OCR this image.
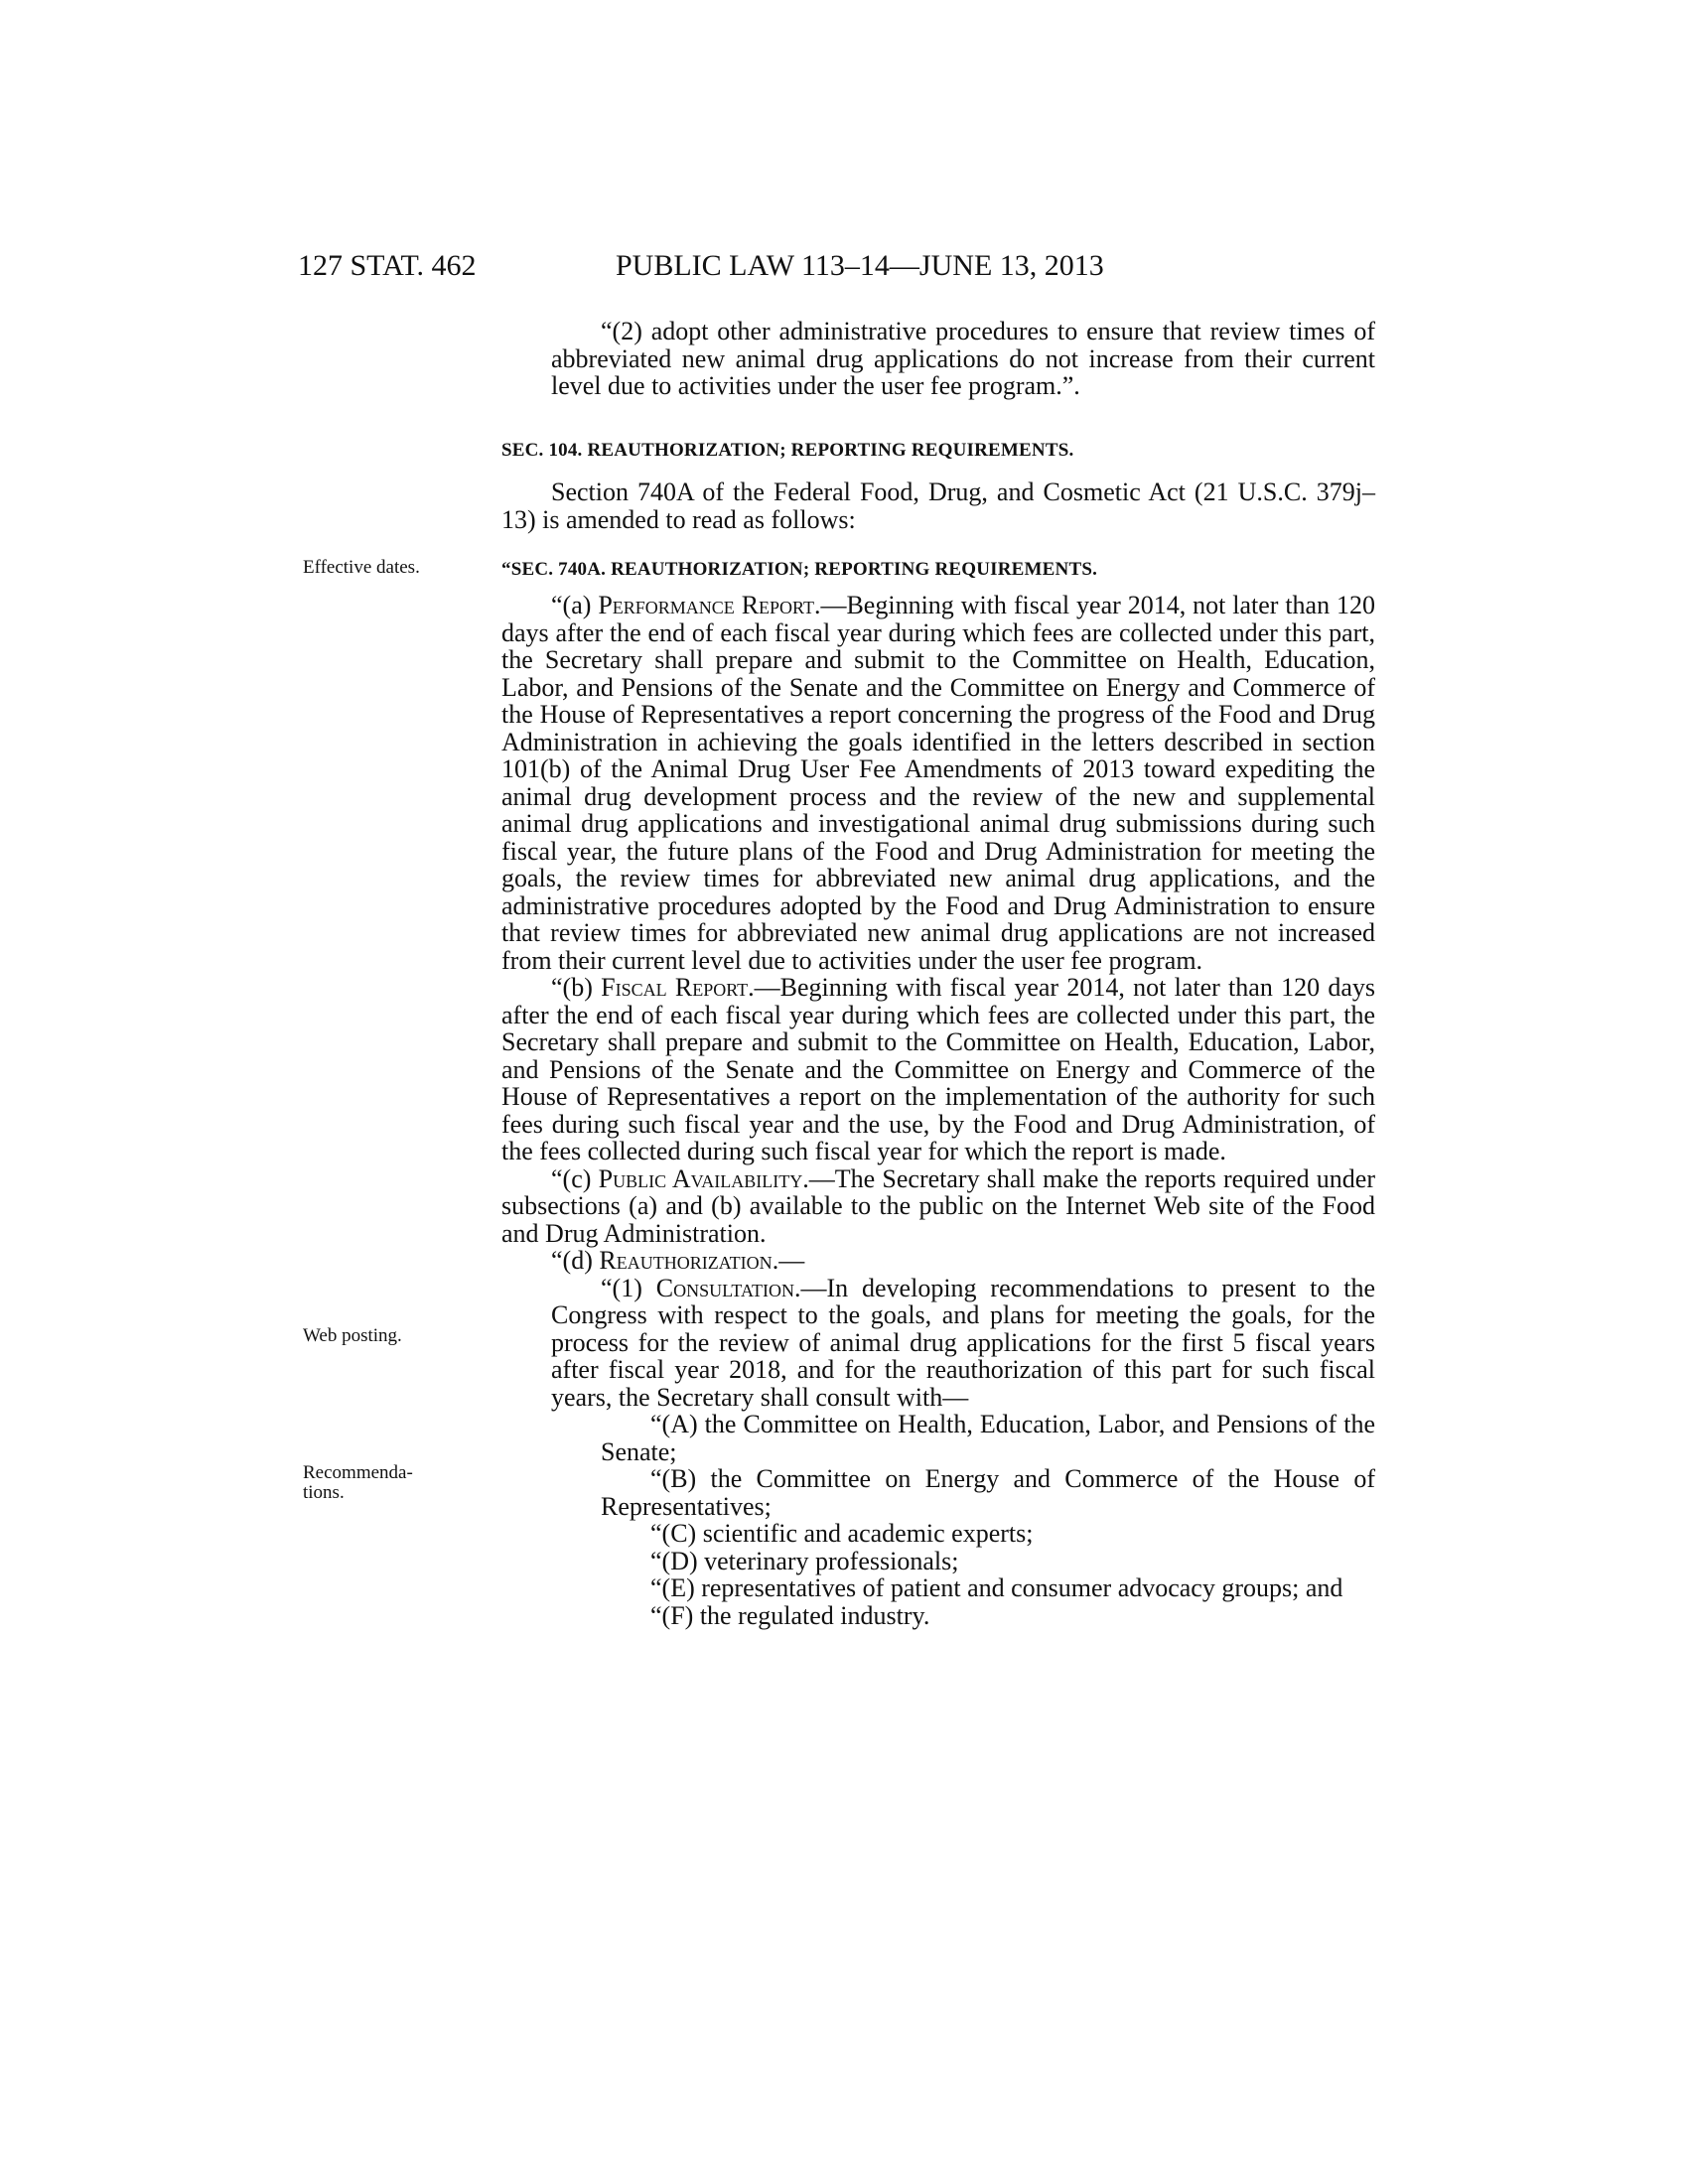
127 STAT. 462	PUBLIC LAW 113–14—JUNE 13, 2013
Effective dates.
Web posting.
Recommenda-
tions.

“(2) adopt other administrative procedures to ensure that review times of abbreviated new animal drug applications do not increase from their current level due to activities under the user fee program.”.

SEC. 104. REAUTHORIZATION; REPORTING REQUIREMENTS.

Section 740A of the Federal Food, Drug, and Cosmetic Act (21 U.S.C. 379j–13) is amended to read as follows:

“SEC. 740A. REAUTHORIZATION; REPORTING REQUIREMENTS.

“(a) Performance Report.—Beginning with fiscal year 2014, not later than 120 days after the end of each fiscal year during which fees are collected under this part, the Secretary shall prepare and submit to the Committee on Health, Education, Labor, and Pensions of the Senate and the Committee on Energy and Commerce of the House of Representatives a report concerning the progress of the Food and Drug Administration in achieving the goals identified in the letters described in section 101(b) of the Animal Drug User Fee Amendments of 2013 toward expediting the animal drug development process and the review of the new and supplemental animal drug applications and investigational animal drug submissions during such fiscal year, the future plans of the Food and Drug Administration for meeting the goals, the review times for abbreviated new animal drug applications, and the administrative procedures adopted by the Food and Drug Administration to ensure that review times for abbreviated new animal drug applications are not increased from their current level due to activities under the user fee program.

“(b) Fiscal Report.—Beginning with fiscal year 2014, not later than 120 days after the end of each fiscal year during which fees are collected under this part, the Secretary shall prepare and submit to the Committee on Health, Education, Labor, and Pensions of the Senate and the Committee on Energy and Commerce of the House of Representatives a report on the implementation of the authority for such fees during such fiscal year and the use, by the Food and Drug Administration, of the fees collected during such fiscal year for which the report is made.

“(c) Public Availability.—The Secretary shall make the reports required under subsections (a) and (b) available to the public on the Internet Web site of the Food and Drug Administration.

“(d) Reauthorization.—

“(1) Consultation.—In developing recommendations to present to the Congress with respect to the goals, and plans for meeting the goals, for the process for the review of animal drug applications for the first 5 fiscal years after fiscal year 2018, and for the reauthorization of this part for such fiscal years, the Secretary shall consult with—

“(A) the Committee on Health, Education, Labor, and Pensions of the Senate;

“(B) the Committee on Energy and Commerce of the House of Representatives;

“(C) scientific and academic experts;

“(D) veterinary professionals;

“(E) representatives of patient and consumer advocacy groups; and

“(F) the regulated industry.
